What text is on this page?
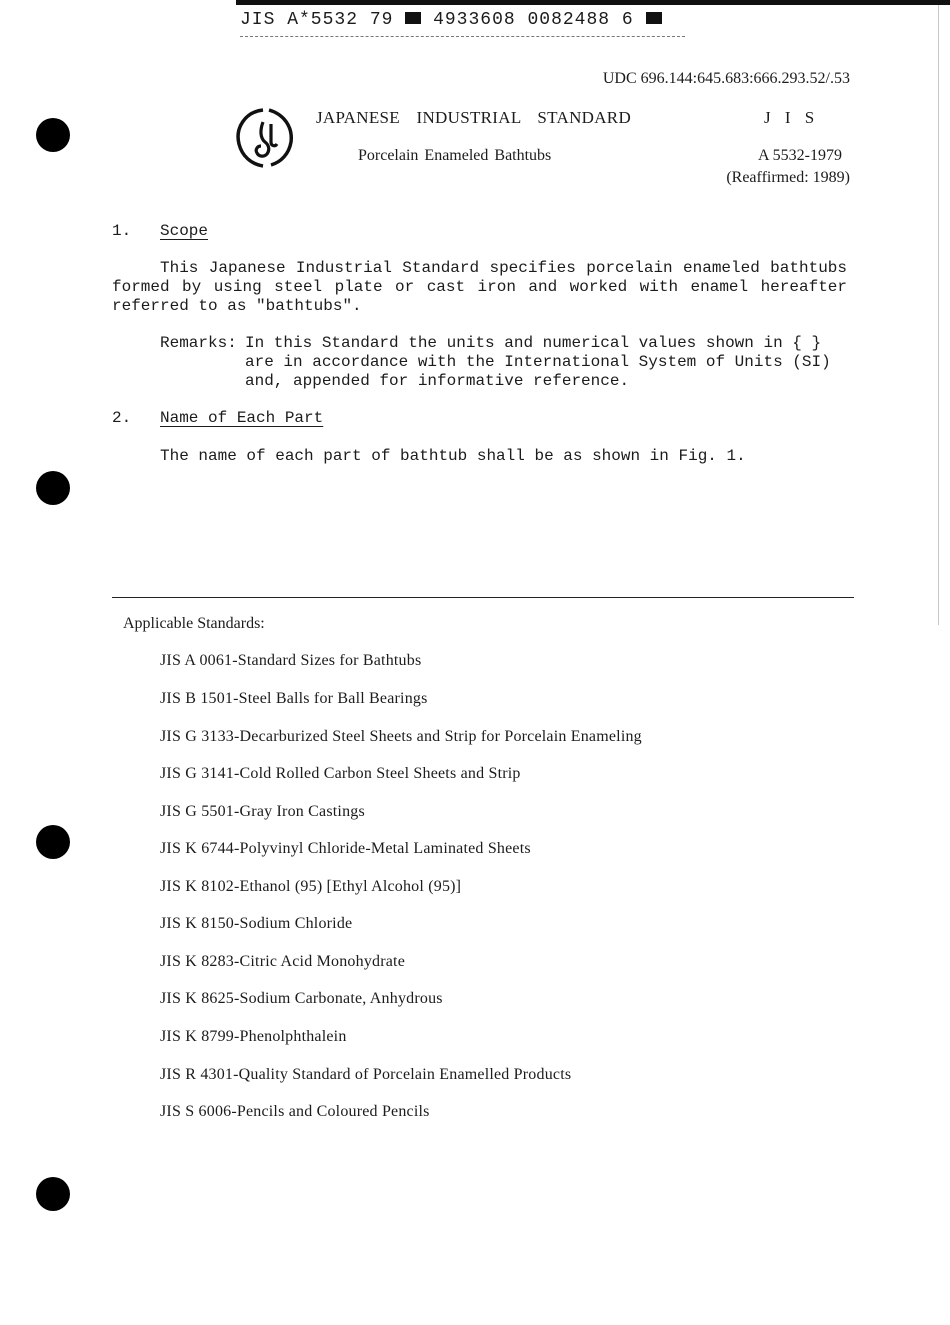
JIS A*5532 79 4933608 0082488 6
UDC 696.144:645.683:666.293.52/.53
JAPANESE INDUSTRIAL STANDARD	J I S
Porcelain Enameled Bathtubs	A 5532-1979
(Reaffirmed: 1989)
1. Scope
This Japanese Industrial Standard specifies porcelain enameled bathtubs formed by using steel plate or cast iron and worked with enamel hereafter referred to as "bathtubs".
Remarks: In this Standard the units and numerical values shown in { } are in accordance with the International System of Units (SI) and, appended for informative reference.
2. Name of Each Part
The name of each part of bathtub shall be as shown in Fig. 1.
Applicable Standards:
JIS A 0061-Standard Sizes for Bathtubs
JIS B 1501-Steel Balls for Ball Bearings
JIS G 3133-Decarburized Steel Sheets and Strip for Porcelain Enameling
JIS G 3141-Cold Rolled Carbon Steel Sheets and Strip
JIS G 5501-Gray Iron Castings
JIS K 6744-Polyvinyl Chloride-Metal Laminated Sheets
JIS K 8102-Ethanol (95) [Ethyl Alcohol (95)]
JIS K 8150-Sodium Chloride
JIS K 8283-Citric Acid Monohydrate
JIS K 8625-Sodium Carbonate, Anhydrous
JIS K 8799-Phenolphthalein
JIS R 4301-Quality Standard of Porcelain Enamelled Products
JIS S 6006-Pencils and Coloured Pencils
